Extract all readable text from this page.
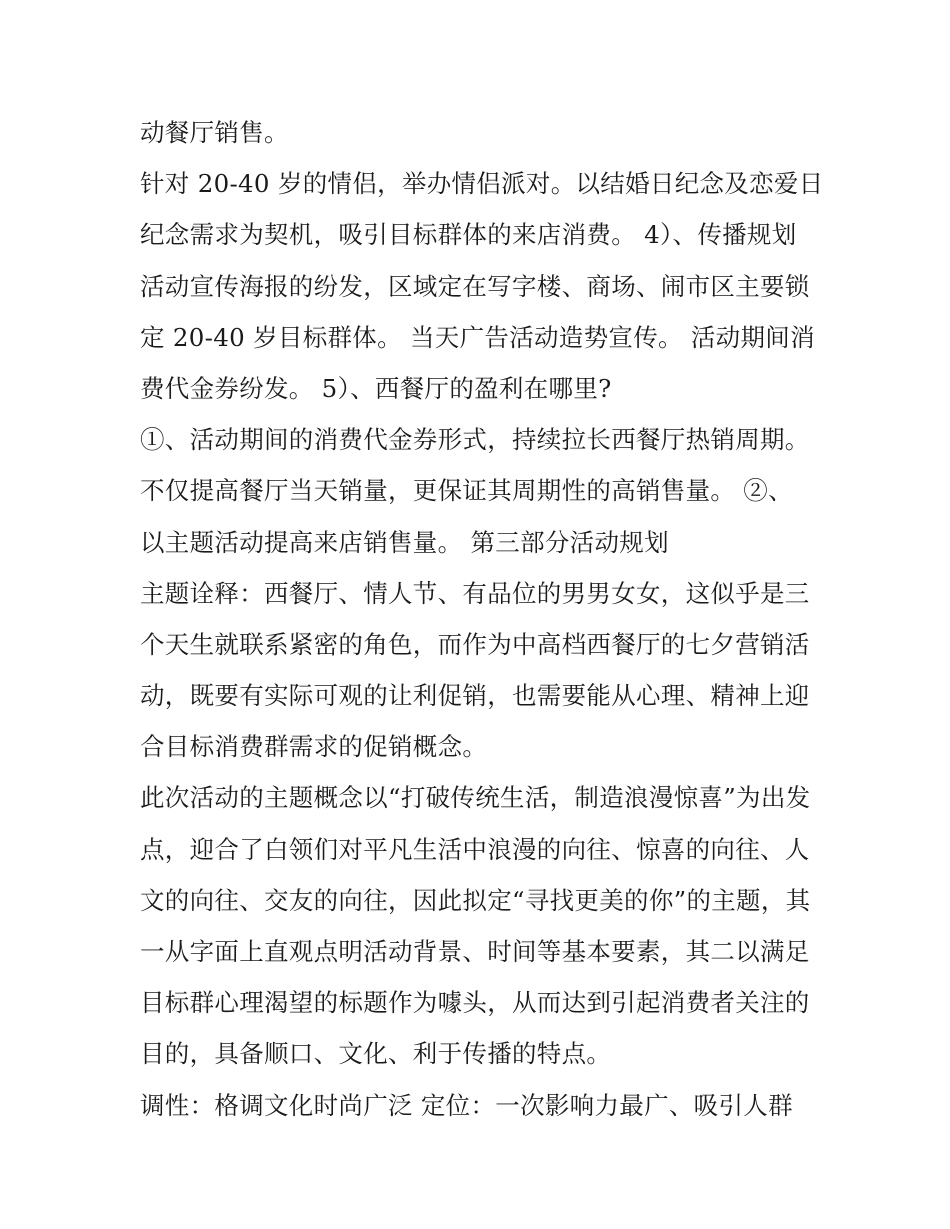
动餐厅销售。
针对 20-40 岁的情侣，举办情侣派对。以结婚日纪念及恋爱日
纪念需求为契机，吸引目标群体的来店消费。 4）、传播规划
活动宣传海报的纷发，区域定在写字楼、商场、闹市区主要锁
定 20-40 岁目标群体。 当天广告活动造势宣传。 活动期间消
费代金券纷发。 5）、西餐厅的盈利在哪里?
①、活动期间的消费代金券形式，持续拉长西餐厅热销周期。
不仅提高餐厅当天销量，更保证其周期性的高销售量。 ②、
以主题活动提高来店销售量。 第三部分活动规划
主题诠释：西餐厅、情人节、有品位的男男女女，这似乎是三
个天生就联系紧密的角色，而作为中高档西餐厅的七夕营销活
动，既要有实际可观的让利促销，也需要能从心理、精神上迎
合目标消费群需求的促销概念。
此次活动的主题概念以“打破传统生活，制造浪漫惊喜”为出发
点，迎合了白领们对平凡生活中浪漫的向往、惊喜的向往、人
文的向往、交友的向往，因此拟定“寻找更美的你”的主题，其
一从字面上直观点明活动背景、时间等基本要素，其二以满足
目标群心理渴望的标题作为噱头，从而达到引起消费者关注的
目的，具备顺口、文化、利于传播的特点。
调性：格调文化时尚广泛 定位：一次影响力最广、吸引人群
